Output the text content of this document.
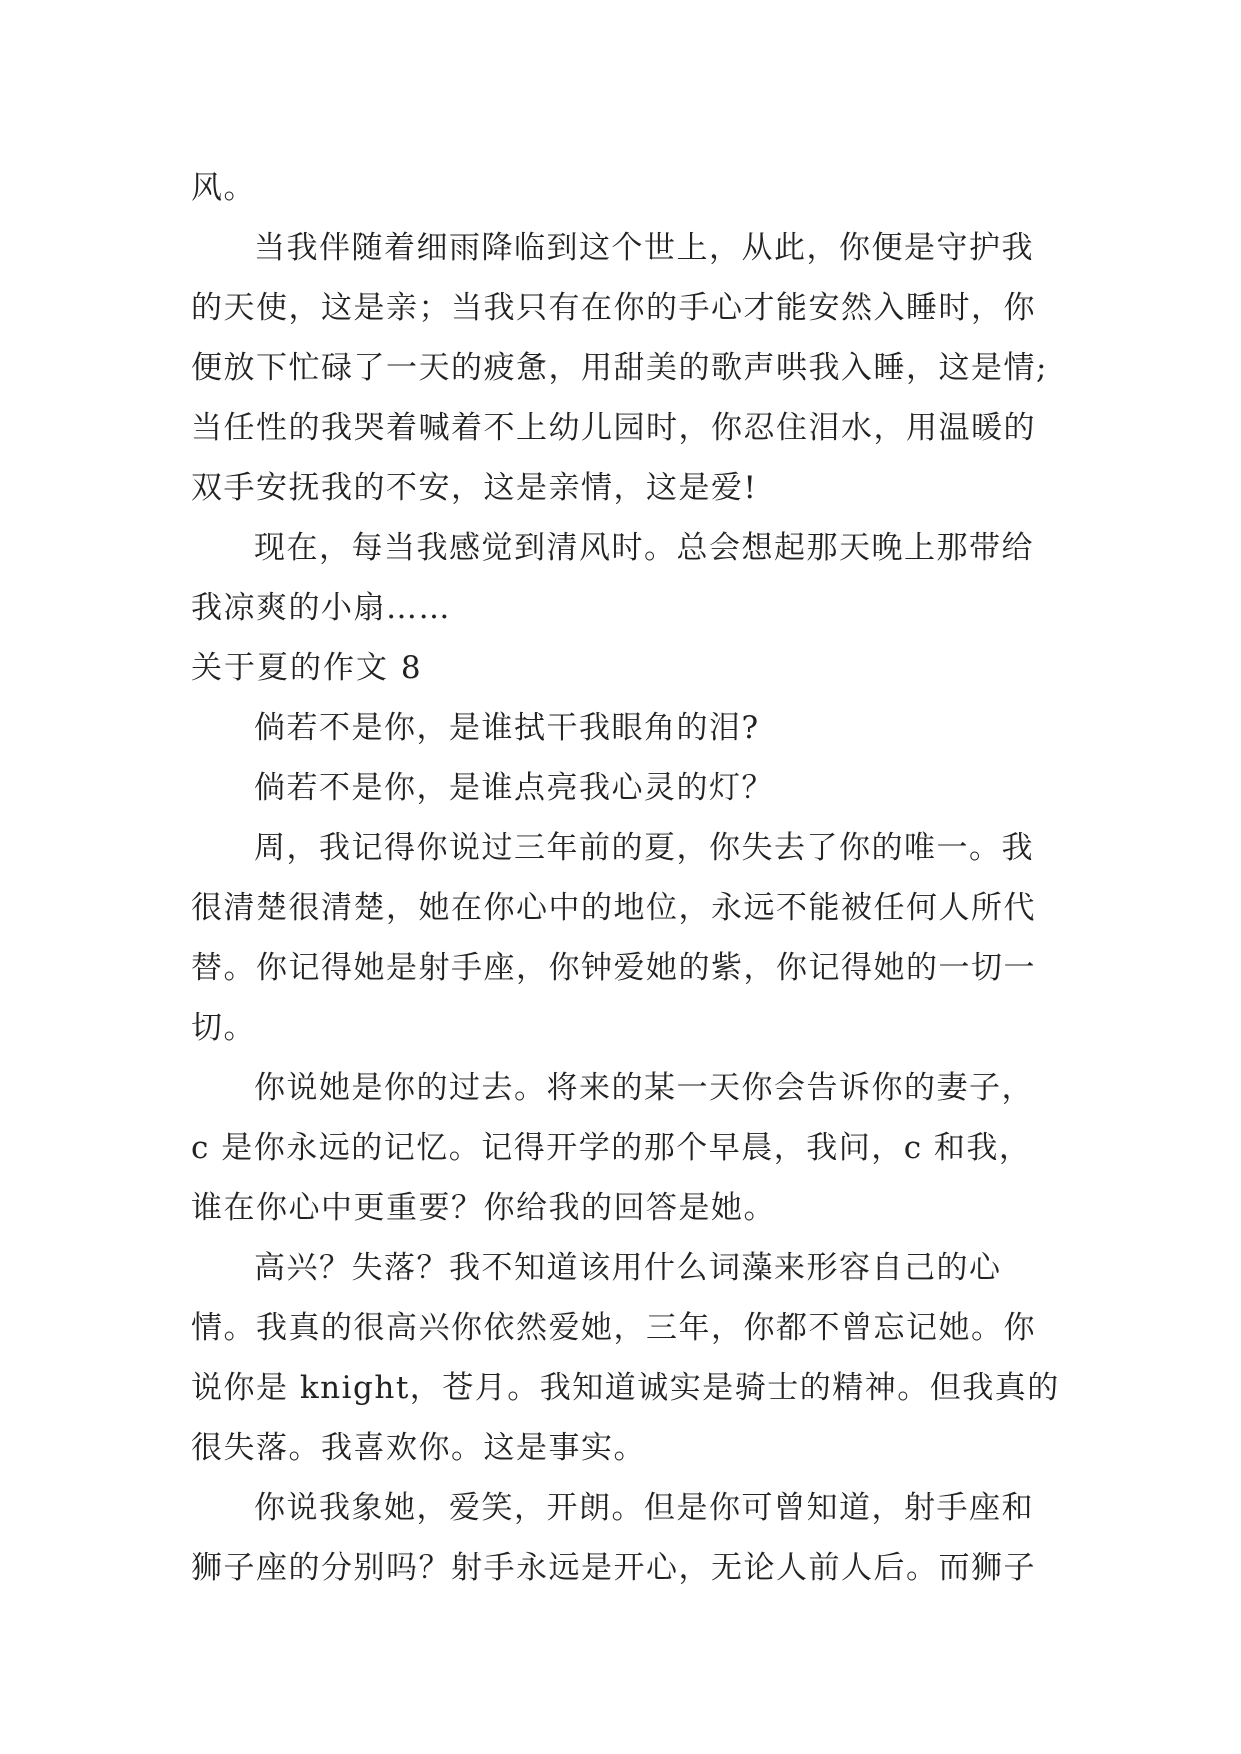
风。
当我伴随着细雨降临到这个世上，从此，你便是守护我
的天使，这是亲；当我只有在你的手心才能安然入睡时，你
便放下忙碌了一天的疲惫，用甜美的歌声哄我入睡，这是情;
当任性的我哭着喊着不上幼儿园时，你忍住泪水，用温暖的
双手安抚我的不安，这是亲情，这是爱!
现在，每当我感觉到清风时。总会想起那天晚上那带给
我凉爽的小扇……
关于夏的作文 8
倘若不是你，是谁拭干我眼角的泪?
倘若不是你，是谁点亮我心灵的灯？
周，我记得你说过三年前的夏，你失去了你的唯一。我
很清楚很清楚，她在你心中的地位，永远不能被任何人所代
替。你记得她是射手座，你钟爱她的紫，你记得她的一切一
切。
你说她是你的过去。将来的某一天你会告诉你的妻子，
c 是你永远的记忆。记得开学的那个早晨，我问，c 和我，
谁在你心中更重要？你给我的回答是她。
高兴？失落？我不知道该用什么词藻来形容自己的心
情。我真的很高兴你依然爱她，三年，你都不曾忘记她。你
说你是 knight，苍月。我知道诚实是骑士的精神。但我真的
很失落。我喜欢你。这是事实。
你说我象她，爱笑，开朗。但是你可曾知道，射手座和
狮子座的分别吗？射手永远是开心，无论人前人后。而狮子
